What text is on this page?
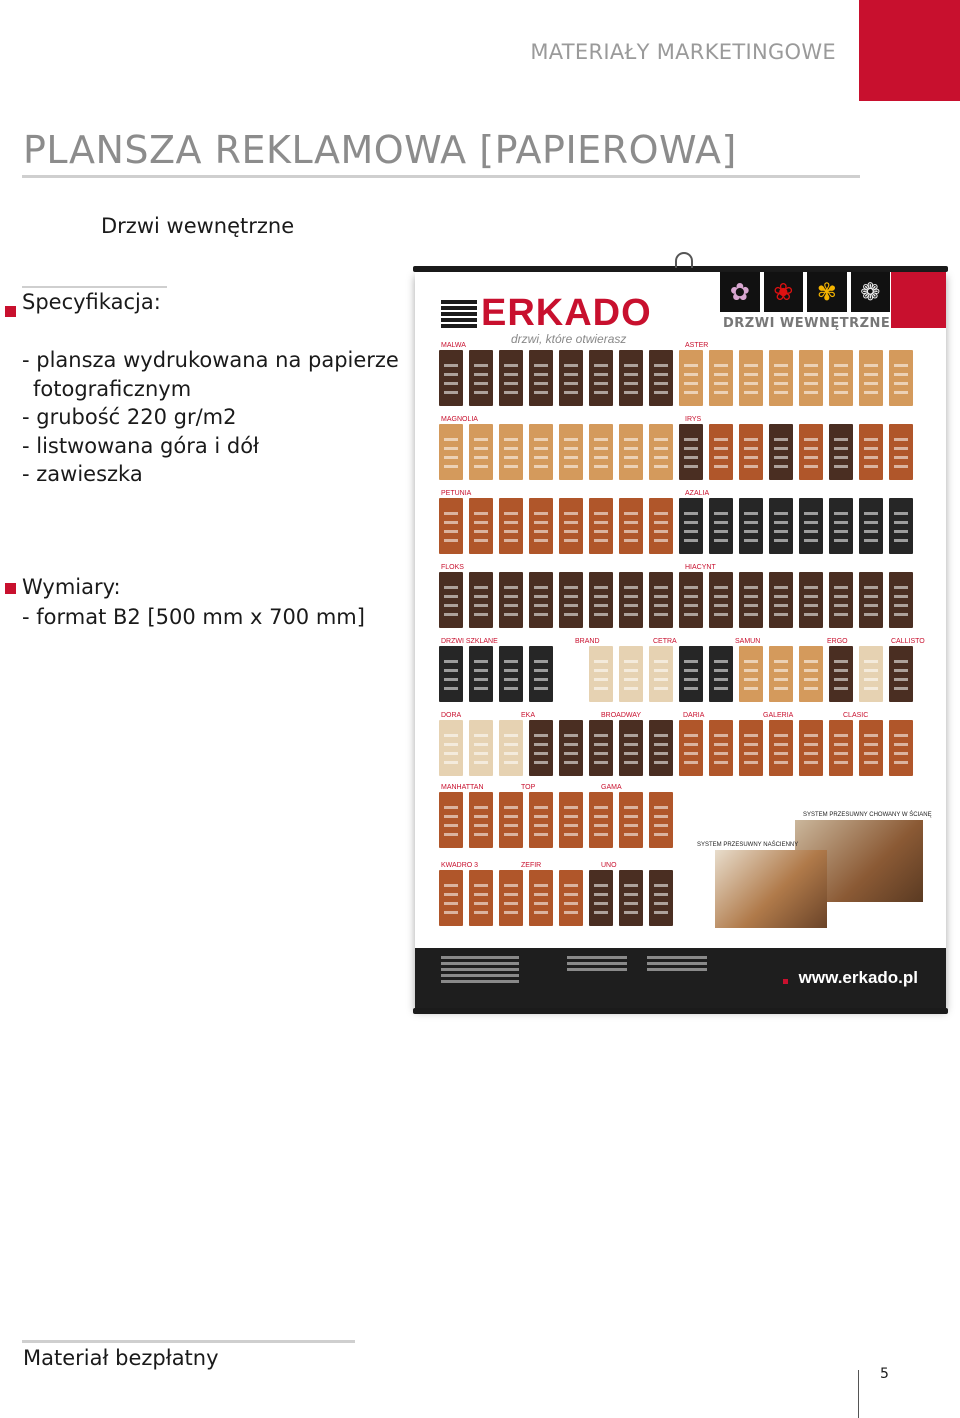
MATERIAŁY MARKETINGOWE
PLANSZA REKLAMOWA [PAPIEROWA]
Drzwi wewnętrzne
Specyfikacja:
- plansza wydrukowana na papierze
fotograficznym
- grubość 220 gr/m2
- listwowana góra i dół
- zawieszka
Wymiary:
- format B2 [500 mm x 700 mm]
ERKADO
drzwi, które otwierasz
✿ ❀ ✾ ❁
DRZWI WEWNĘTRZNE
MALWA	ASTER
MAGNOLIA	IRYS
PETUNIA	AZALIA
FLOKS	HIACYNT
DRZWI SZKLANE	BRAND	CETRA	SAMUN	ERGO	CALLISTO
DORA	EKA	BROADWAY	DARIA	GALERIA	CLASIC
MANHATTAN	TOP	GAMA
KWADRO 3	ZEFIR	UNO
SYSTEM PRZESUWNY CHOWANY W ŚCIANĘ
SYSTEM PRZESUWNY NAŚCIENNY
www.erkado.pl
Materiał bezpłatny
5
